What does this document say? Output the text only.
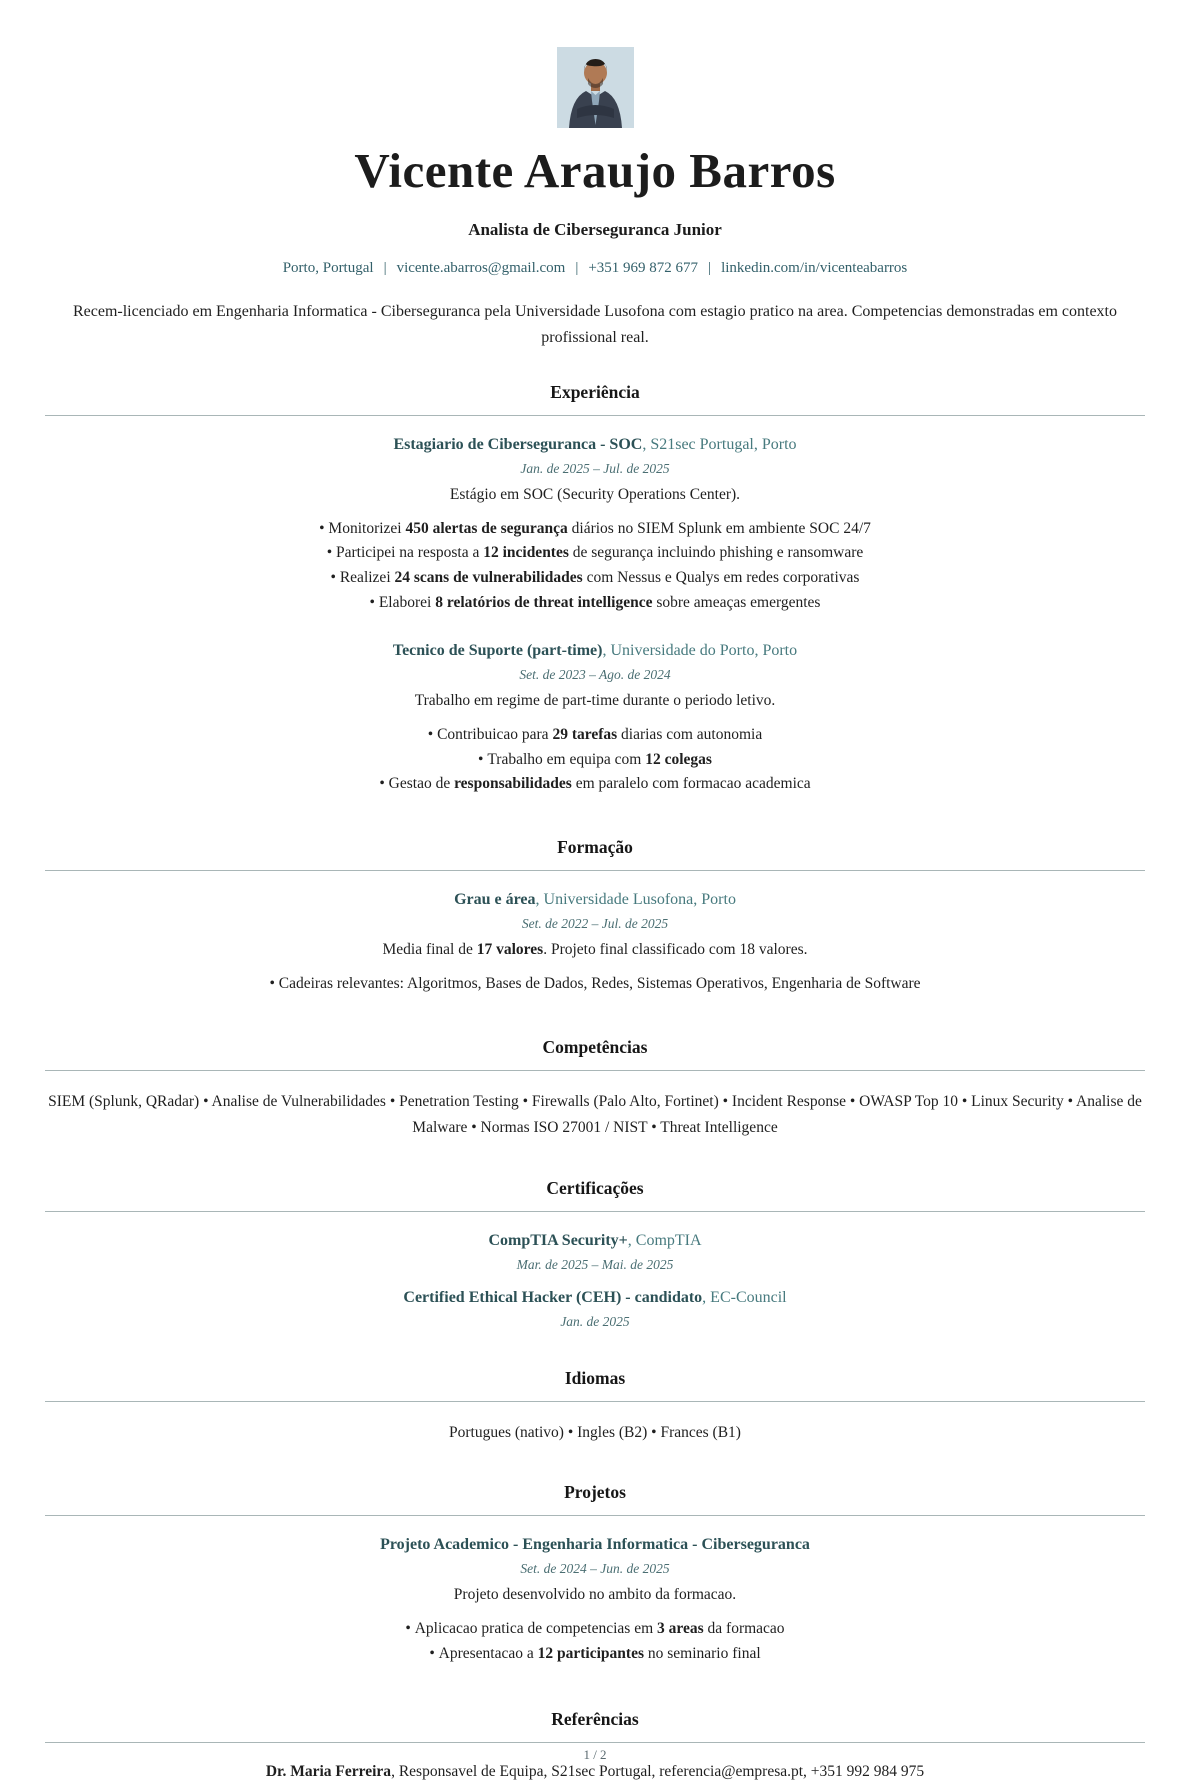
Vicente Araujo Barros
Analista de Ciberseguranca Junior
Porto, Portugal | vicente.abarros@gmail.com | +351 969 872 677 | linkedin.com/in/vicenteabarros

Recem-licenciado em Engenharia Informatica - Ciberseguranca pela Universidade Lusofona com estagio pratico na area. Competencias demonstradas em contexto profissional real.

Experiência
Estagiario de Ciberseguranca - SOC, S21sec Portugal, Porto
Jan. de 2025 – Jul. de 2025
Estágio em SOC (Security Operations Center).
• Monitorizei 450 alertas de segurança diários no SIEM Splunk em ambiente SOC 24/7
• Participei na resposta a 12 incidentes de segurança incluindo phishing e ransomware
• Realizei 24 scans de vulnerabilidades com Nessus e Qualys em redes corporativas
• Elaborei 8 relatórios de threat intelligence sobre ameaças emergentes
Tecnico de Suporte (part-time), Universidade do Porto, Porto
Set. de 2023 – Ago. de 2024
Trabalho em regime de part-time durante o periodo letivo.
• Contribuicao para 29 tarefas diarias com autonomia
• Trabalho em equipa com 12 colegas
• Gestao de responsabilidades em paralelo com formacao academica
Formação
Grau e área, Universidade Lusofona, Porto
Set. de 2022 – Jul. de 2025
Media final de 17 valores. Projeto final classificado com 18 valores.
• Cadeiras relevantes: Algoritmos, Bases de Dados, Redes, Sistemas Operativos, Engenharia de Software
Competências
SIEM (Splunk, QRadar) • Analise de Vulnerabilidades • Penetration Testing • Firewalls (Palo Alto, Fortinet) • Incident Response • OWASP Top 10 • Linux Security • Analise de Malware • Normas ISO 27001 / NIST • Threat Intelligence
Certificações
CompTIA Security+, CompTIA
Mar. de 2025 – Mai. de 2025
Certified Ethical Hacker (CEH) - candidato, EC-Council
Jan. de 2025
Idiomas
Portugues (nativo) • Ingles (B2) • Frances (B1)
Projetos
Projeto Academico - Engenharia Informatica - Ciberseguranca
Set. de 2024 – Jun. de 2025
Projeto desenvolvido no ambito da formacao.
• Aplicacao pratica de competencias em 3 areas da formacao
• Apresentacao a 12 participantes no seminario final
Referências
Dr. Maria Ferreira, Responsavel de Equipa, S21sec Portugal, referencia@empresa.pt, +351 992 984 975
1 / 2
